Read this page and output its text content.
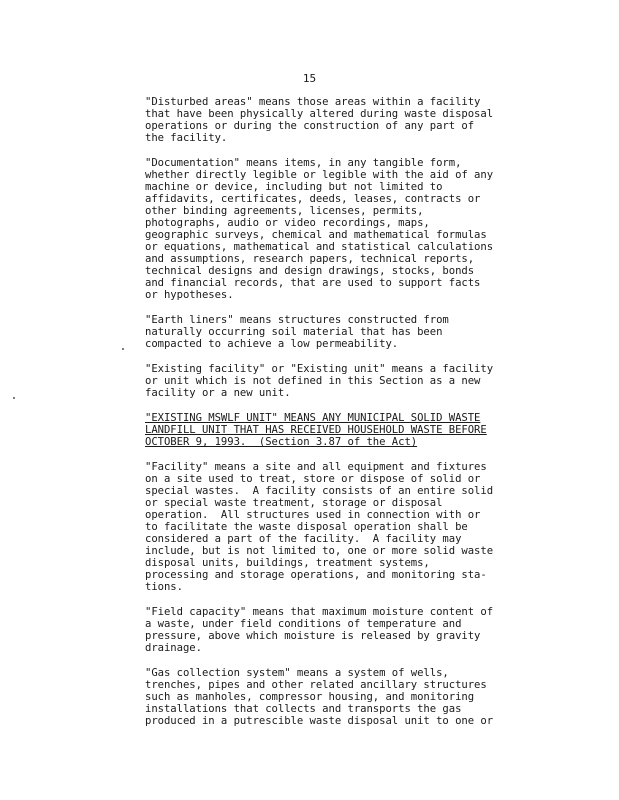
15
"Disturbed areas" means those areas within a facility
that have been physically altered during waste disposal
operations or during the construction of any part of
the facility.
"Documentation" means items, in any tangible form,
whether directly legible or legible with the aid of any
machine or device, including but not limited to
affidavits, certificates, deeds, leases, contracts or
other binding agreements, licenses, permits,
photographs, audio or video recordings, maps,
geographic surveys, chemical and mathematical formulas
or equations, mathematical and statistical calculations
and assumptions, research papers, technical reports,
technical designs and design drawings, stocks, bonds
and financial records, that are used to support facts
or hypotheses.
"Earth liners" means structures constructed from
naturally occurring soil material that has been
compacted to achieve a low permeability.
"Existing facility" or "Existing unit" means a facility
or unit which is not defined in this Section as a new
facility or a new unit.
"EXISTING MSWLF UNIT" MEANS ANY MUNICIPAL SOLID WASTE
LANDFILL UNIT THAT HAS RECEIVED HOUSEHOLD WASTE BEFORE
OCTOBER 9, 1993.  (Section 3.87 of the Act)
"Facility" means a site and all equipment and fixtures
on a site used to treat, store or dispose of solid or
special wastes.  A facility consists of an entire solid
or special waste treatment, storage or disposal
operation.  All structures used in connection with or
to facilitate the waste disposal operation shall be
considered a part of the facility.  A facility may
include, but is not limited to, one or more solid waste
disposal units, buildings, treatment systems,
processing and storage operations, and monitoring sta-
tions.
"Field capacity" means that maximum moisture content of
a waste, under field conditions of temperature and
pressure, above which moisture is released by gravity
drainage.
"Gas collection system" means a system of wells,
trenches, pipes and other related ancillary structures
such as manholes, compressor housing, and monitoring
installations that collects and transports the gas
produced in a putrescible waste disposal unit to one or
